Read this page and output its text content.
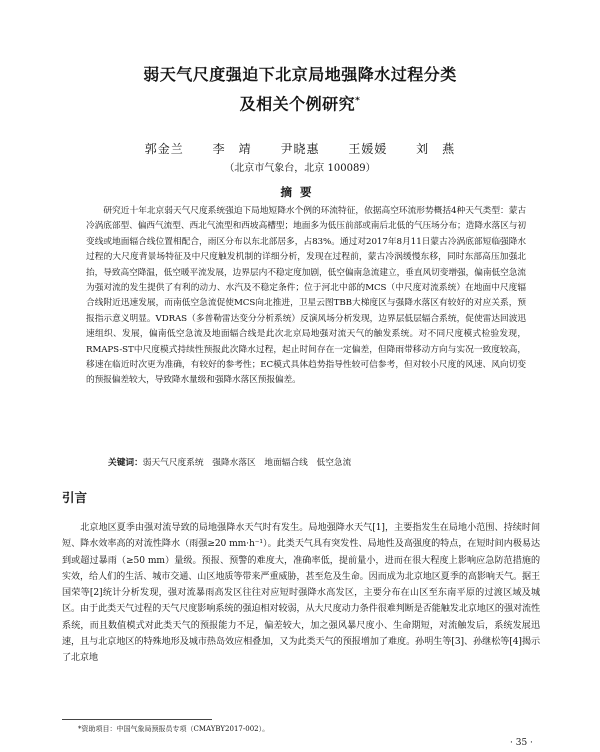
弱天气尺度强迫下北京局地强降水过程分类
及相关个例研究*
郭金兰 李　靖 尹晓惠 王媛媛 刘　燕
（北京市气象台，北京 100089）
摘要
研究近十年北京弱天气尺度系统强迫下局地短降水个例的环流特征，依据高空环流形势概括4种天气类型：蒙古冷涡底部型、偏西气流型、西北气流型和西坡高槽型；地面多为低压前部或南后北低的气压场分布；造降水落区与初变线或地面辐合线位置相配合，雨区分布以东北部居多，占83%。通过对2017年8月11日蒙古冷涡底部短临强降水过程的大尺度背景场特征及中尺度触发机制的详细分析，发现在过程前，蒙古冷涡缓慢东移，同时东部高压加强北抬，导致高空降温，低空暖平流发展，边界层内不稳定度加剧，低空偏南急流建立，垂直风切变增强，偏南低空急流为强对流的发生提供了有利的动力、水汽及不稳定条件；位于河北中部的MCS（中尺度对流系统）在地面中尺度辐合线附近迅速发展，而南低空急流促使MCS向北推进，卫星云图TBB大梯度区与强降水落区有较好的对应关系，预报指示意义明显。VDRAS（多普勒雷达变分分析系统）反演风场分析发现，边界层低层辐合系统，促使雷达回波迅速组织、发展，偏南低空急流及地面辐合线是此次北京局地强对流天气的触发系统。对不同尺度模式检验发现，RMAPS-ST中尺度模式持续性预报此次降水过程，起止时间存在一定偏差，但降雨带移动方向与实况一致度较高，移速在临近时次更为准确，有较好的参考性；EC模式具体趋势指导性较可信参考，但对较小尺度的风速、风向切变的预报偏差较大，导致降水量级和强降水落区预报偏差。
关键词：弱天气尺度系统　强降水落区　地面辐合线　低空急流
引言
北京地区夏季由强对流导致的局地强降水天气时有发生。局地强降水天气[1]，主要指发生在局地小范围、持续时间短、降水效率高的对流性降水（雨强≥20 mm·h⁻¹）。此类天气具有突发性、局地性及高强度的特点，在短时间内极易达到或超过暴雨（≥50 mm）量级。预报、预警的难度大，准确率低，提前量小，进而在很大程度上影响应急防范措施的实效，给人们的生活、城市交通、山区地质等带来严重威胁，甚至危及生命。因而成为北京地区夏季的高影响天气。据王国荣等[2]统计分析发现，强对流暴雨高发区往往对应短时强降水高发区，主要分布在山区至东南平原的过渡区域及城区。由于此类天气过程的天气尺度影响系统的强迫相对较弱，从大尺度动力条件很难判断是否能触发北京地区的强对流性系统，而且数值模式对此类天气的预报能力不足，偏差较大，加之强风暴尺度小、生命期短，对流触发后，系统发展迅速，且与北京地区的特殊地形及城市热岛效应相叠加，又为此类天气的预报增加了难度。孙明生等[3]、孙继松等[4]揭示了北京地
*资助项目：中国气象局预报员专项（CMAYBY2017-002）。
· 35 ·
